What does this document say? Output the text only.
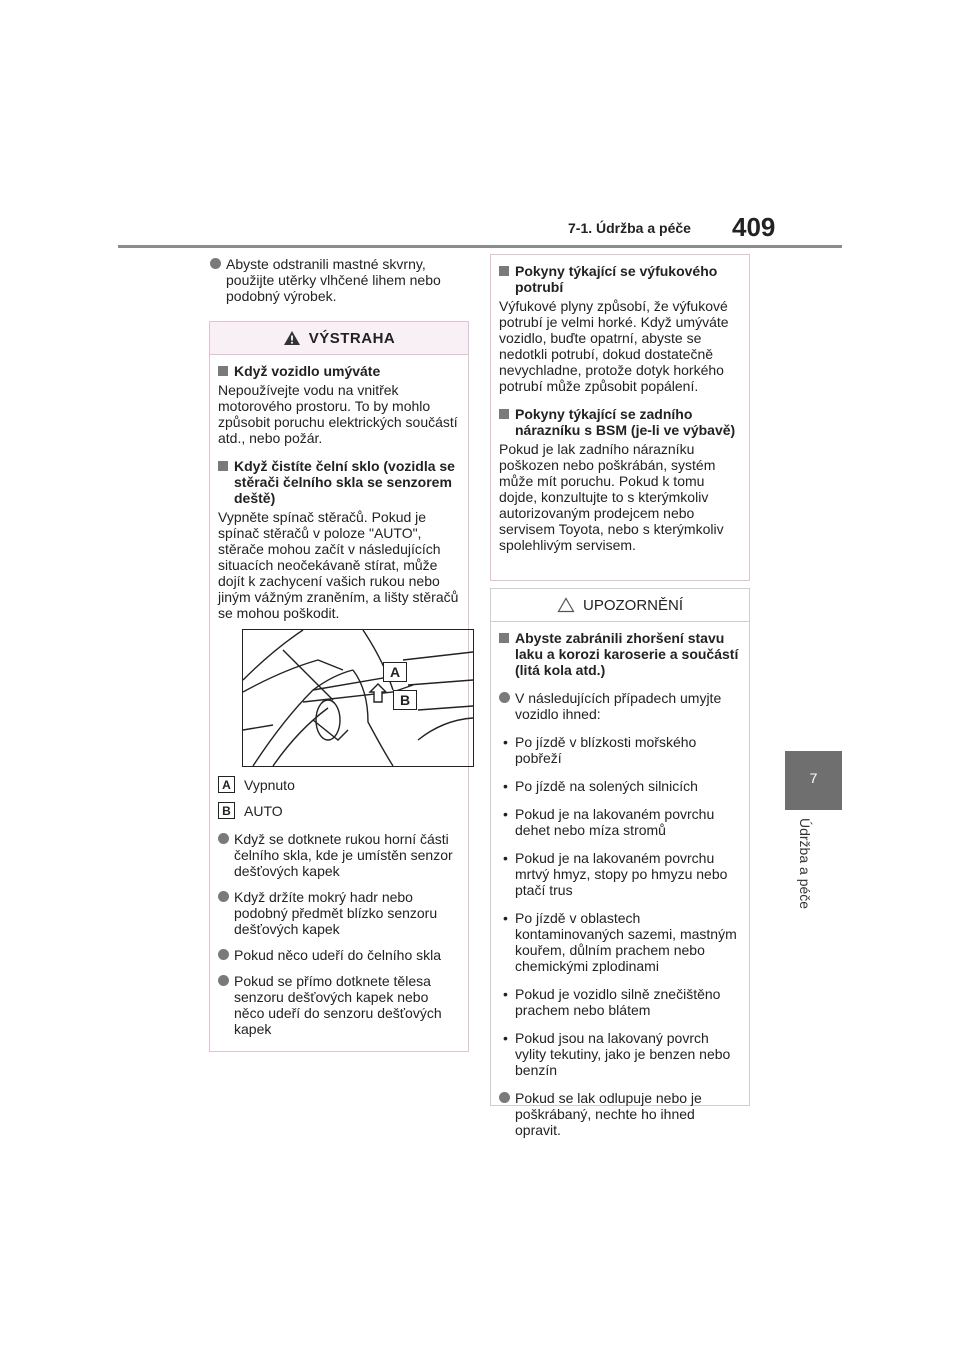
7-1. Údržba a péče 409
7
Údržba a péče
Abyste odstranili mastné skvrny, použijte utěrky vlhčené lihem nebo podobný výrobek.
VÝSTRAHA
Když vozidlo umýváte
Nepoužívejte vodu na vnitřek motorového prostoru. To by mohlo způsobit poruchu elektrických součástí atd., nebo požár.
Když čistíte čelní sklo (vozidla se stěrači čelního skla se senzorem deště)
Vypněte spínač stěračů. Pokud je spínač stěračů v poloze "AUTO", stěrače mohou začít v následujících situacích neočekávaně stírat, může dojít k zachycení vašich rukou nebo jiným vážným zraněním, a lišty stěračů se mohou poškodit.
A
B
A Vypnuto
B AUTO
Když se dotknete rukou horní části čelního skla, kde je umístěn senzor dešťových kapek
Když držíte mokrý hadr nebo podobný předmět blízko senzoru dešťových kapek
Pokud něco udeří do čelního skla
Pokud se přímo dotknete tělesa senzoru dešťových kapek nebo něco udeří do senzoru dešťových kapek
Pokyny týkající se výfukového potrubí
Výfukové plyny způsobí, že výfukové potrubí je velmi horké. Když umýváte vozidlo, buďte opatrní, abyste se nedotkli potrubí, dokud dostatečně nevychladne, protože dotyk horkého potrubí může způsobit popálení.
Pokyny týkající se zadního nárazníku s BSM (je-li ve výbavě)
Pokud je lak zadního nárazníku poškozen nebo poškrábán, systém může mít poruchu. Pokud k tomu dojde, konzultujte to s kterýmkoliv autorizovaným prodejcem nebo servisem Toyota, nebo s kterýmkoliv spolehlivým servisem.
UPOZORNĚNÍ
Abyste zabránili zhoršení stavu laku a korozi karoserie a součástí (litá kola atd.)
V následujících případech umyjte vozidlo ihned:
• Po jízdě v blízkosti mořského pobřeží
• Po jízdě na solených silnicích
• Pokud je na lakovaném povrchu dehet nebo míza stromů
• Pokud je na lakovaném povrchu mrtvý hmyz, stopy po hmyzu nebo ptačí trus
• Po jízdě v oblastech kontaminovaných sazemi, mastným kouřem, důlním prachem nebo chemickými zplodinami
• Pokud je vozidlo silně znečištěno prachem nebo blátem
• Pokud jsou na lakovaný povrch vylity tekutiny, jako je benzen nebo benzín
Pokud se lak odlupuje nebo je poškrábaný, nechte ho ihned opravit.
